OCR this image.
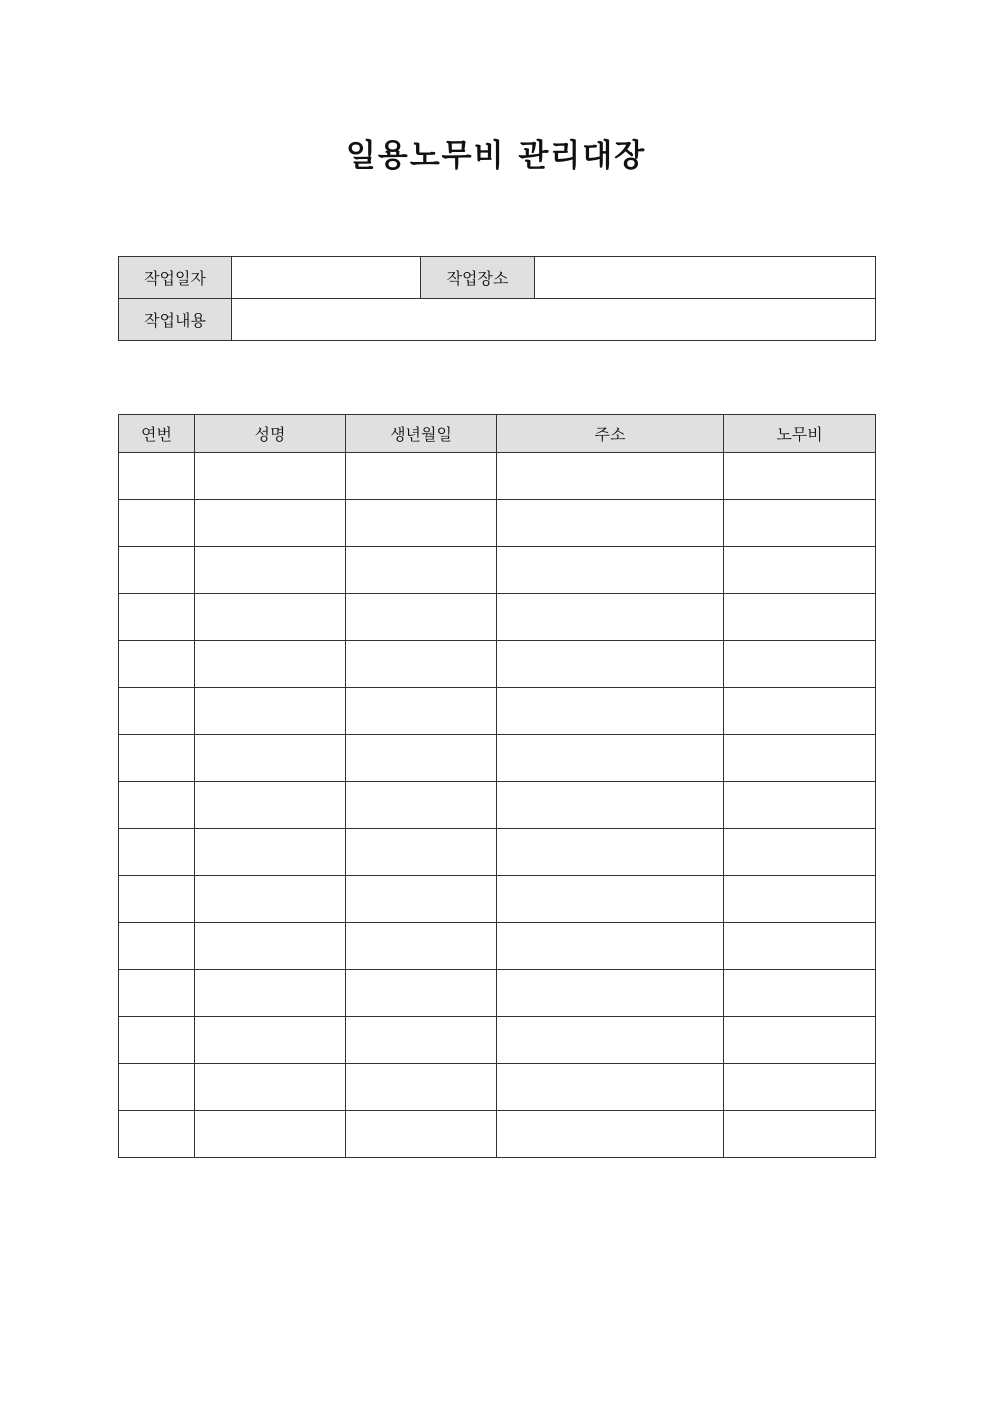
일용노무비 관리대장
작업일자		작업장소	
작업내용			
연번	성명	생년월일	주소	노무비
